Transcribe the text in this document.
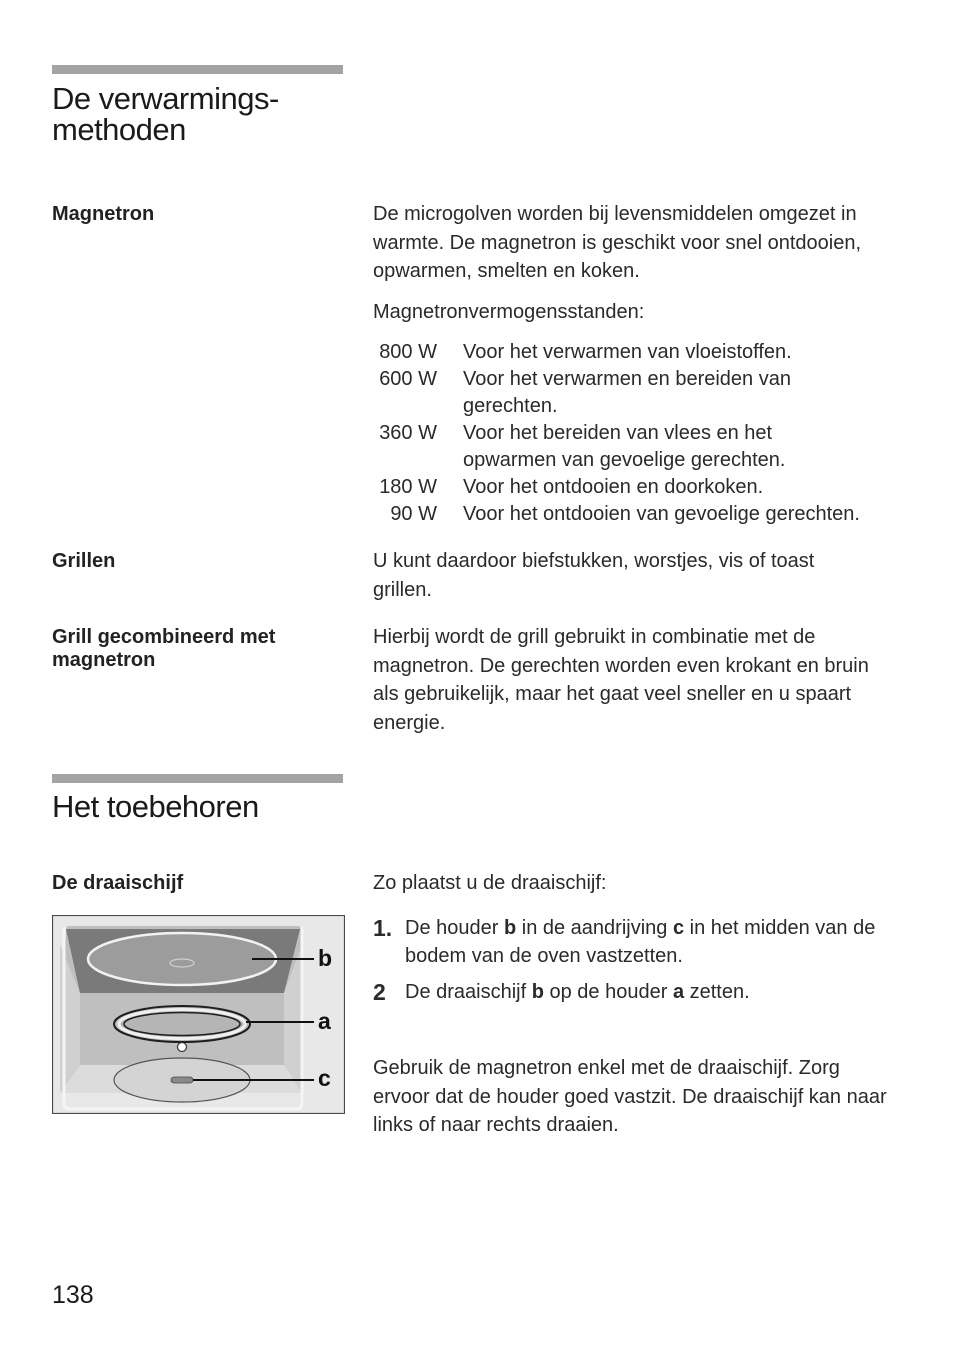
De verwarmings-
methoden
Magnetron	De microgolven worden bij levensmiddelen omgezet in warmte. De magnetron is geschikt voor snel ontdooien, opwarmen, smelten en koken.

Magnetronvermogensstanden:

800 W Voor het verwarmen van vloeistoffen.
600 W Voor het verwarmen en bereiden van gerechten.
360 W Voor het bereiden van vlees en het opwarmen van gevoelige gerechten.
180 W Voor het ontdooien en doorkoken.
90 W Voor het ontdooien van gevoelige gerechten.
Grillen	U kunt daardoor biefstukken, worstjes, vis of toast grillen.

Grill gecombineerd met
magnetron

Hierbij wordt de grill gebruikt in combinatie met de magnetron. De gerechten worden even krokant en bruin als gebruikelijk, maar het gaat veel sneller en u spaart energie.

Het toebehoren
De draaischijf	Zo plaatst u de draaischijf:

1. De houder b in de aandrijving c in het midden van de bodem van de oven vastzetten.
2 De draaischijf b op de houder a zetten.

Gebruik de magnetron enkel met de draaischijf. Zorg ervoor dat de houder goed vastzit. De draaischijf kan naar links of naar rechts draaien.

b
a
c
138
